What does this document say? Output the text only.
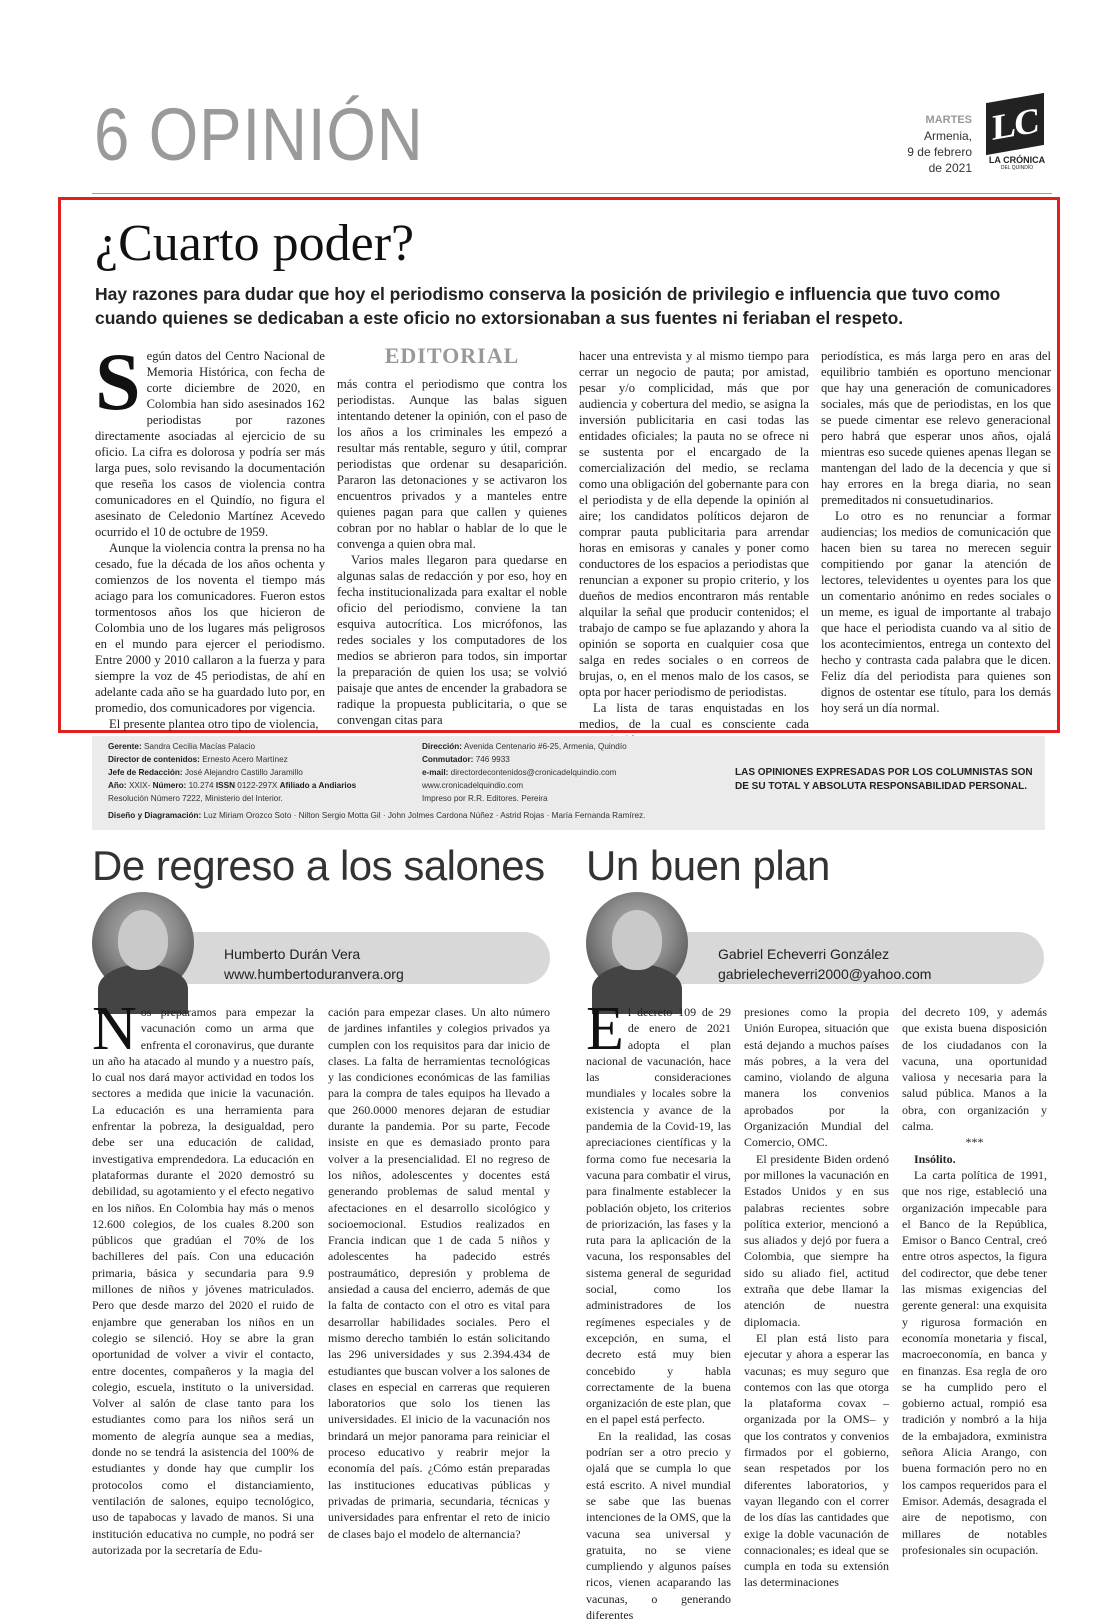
6 OPINIÓN	MARTES
Armenia,
9 de febrero
de 2021
LC
LA CRÓNICA
DEL QUINDÍO
¿Cuarto poder?
Hay razones para dudar que hoy el periodismo conserva la posición de privilegio e influencia que tuvo como cuando quienes se dedicaban a este oficio no extorsionaban a sus fuentes ni feriaban el respeto.

Según datos del Centro Nacional de Memoria Histórica, con fecha de corte diciembre de 2020, en Colombia han sido asesinados 162 periodistas por razones directamente asociadas al ejercicio de su oficio. La cifra es dolorosa y podría ser más larga pues, solo revisando la documentación que reseña los casos de violencia contra comunicadores en el Quindío, no figura el asesinato de Celedonio Martínez Acevedo ocurrido el 10 de octubre de 1959.

Aunque la violencia contra la prensa no ha cesado, fue la década de los años ochenta y comienzos de los noventa el tiempo más aciago para los comunicadores. Fueron estos tormentosos años los que hicieron de Colombia uno de los lugares más peligrosos en el mundo para ejercer el periodismo. Entre 2000 y 2010 callaron a la fuerza y para siempre la voz de 45 periodistas, de ahí en adelante cada año se ha guardado luto por, en promedio, dos comunicadores por vigencia.

El presente plantea otro tipo de violencia,

EDITORIAL

más contra el periodismo que contra los periodistas. Aunque las balas siguen intentando detener la opinión, con el paso de los años a los criminales les empezó a resultar más rentable, seguro y útil, comprar periodistas que ordenar su desaparición. Pararon las detonaciones y se activaron los encuentros privados y a manteles entre quienes pagan para que callen y quienes cobran por no hablar o hablar de lo que le convenga a quien obra mal.

Varios males llegaron para quedarse en algunas salas de redacción y por eso, hoy en fecha institucionalizada para exaltar el noble oficio del periodismo, conviene la tan esquiva autocrítica. Los micrófonos, las redes sociales y los computadores de los medios se abrieron para todos, sin importar la preparación de quien los usa; se volvió paisaje que antes de encender la grabadora se radique la propuesta publicitaria, o que se convengan citas para

hacer una entrevista y al mismo tiempo para cerrar un negocio de pauta; por amistad, pesar y/o complicidad, más que por audiencia y cobertura del medio, se asigna la inversión publicitaria en casi todas las entidades oficiales; la pauta no se ofrece ni se sustenta por el encargado de la comercialización del medio, se reclama como una obligación del gobernante para con el periodista y de ella depende la opinión al aire; los candidatos políticos dejaron de comprar pauta publicitaria para arrendar horas en emisoras y canales y poner como conductores de los espacios a periodistas que renuncian a exponer su propio criterio, y los dueños de medios encontraron más rentable alquilar la señal que producir contenidos; el trabajo de campo se fue aplazando y ahora la opinión se soporta en cualquier cosa que salga en redes sociales o en correos de brujas, o, en el menos malo de los casos, se opta por hacer periodismo de periodistas.

La lista de taras enquistadas en los medios, de la cual es consciente cada

periodística, es más larga pero en aras del equilibrio también es oportuno mencionar que hay una generación de comunicadores sociales, más que de periodistas, en los que se puede cimentar ese relevo generacional pero habrá que esperar unos años, ojalá mientras eso sucede quienes apenas llegan se mantengan del lado de la decencia y que si hay errores en la brega diaria, no sean premeditados ni consuetudinarios.

Lo otro es no renunciar a formar audiencias; los medios de comunicación que hacen bien su tarea no merecen seguir compitiendo por ganar la atención de lectores, televidentes u oyentes para los que un comentario anónimo en redes sociales o un meme, es igual de importante al trabajo que hace el periodista cuando va al sitio de los acontecimientos, entrega un contexto del hecho y contrasta cada palabra que le dicen. Feliz día del periodista para quienes son dignos de ostentar ese título, para los demás hoy será un día normal.

Gerente: Sandra Cecilia Macías Palacio
Director de contenidos: Ernesto Acero Martínez
Jefe de Redacción: José Alejandro Castillo Jaramillo
Año: XXIX- Número: 10.274 ISSN 0122-297X Afiliado a Andiarios
Resolución Número 7222, Ministerio del Interior.
Dirección: Avenida Centenario #6-25, Armenia, Quindío
Conmutador: 746 9933
e-mail: directordecontenidos@cronicadelquindio.com
www.cronicadelquindio.com
Impreso por R.R. Editores. Pereira
LAS OPINIONES EXPRESADAS POR LOS COLUMNISTAS SON DE SU TOTAL Y ABSOLUTA RESPONSABILIDAD PERSONAL.
Diseño y Diagramación: Luz Miriam Orozco Soto · Nilton Sergio Motta Gil · John Jolmes Cardona Núñez · Astrid Rojas · María Fernanda Ramírez.
De regreso a los salones
Humberto Durán Vera
www.humbertoduranvera.org

Nos preparamos para empezar la vacunación como un arma que enfrenta el coronavirus, que durante un año ha atacado al mundo y a nuestro país, lo cual nos dará mayor actividad en todos los sectores a medida que inicie la vacunación. La educación es una herramienta para enfrentar la pobreza, la desigualdad, pero debe ser una educación de calidad, investigativa emprendedora. La educación en plataformas durante el 2020 demostró su debilidad, su agotamiento y el efecto negativo en los niños. En Colombia hay más o menos 12.600 colegios, de los cuales 8.200 son públicos que gradúan el 70% de los bachilleres del país. Con una educación primaria, básica y secundaria para 9.9 millones de niños y jóvenes matriculados. Pero que desde marzo del 2020 el ruido de enjambre que generaban los niños en un colegio se silenció. Hoy se abre la gran oportunidad de volver a vivir el contacto, entre docentes, compañeros y la magia del colegio, escuela, instituto o la universidad. Volver al salón de clase tanto para los estudiantes como para los niños será un momento de alegría aunque sea a medias, donde no se tendrá la asistencia del 100% de estudiantes y donde hay que cumplir los protocolos como el distanciamiento, ventilación de salones, equipo tecnológico, uso de tapabocas y lavado de manos. Si una institución educativa no cumple, no podrá ser autorizada por la secretaría de Edu-

cación para empezar clases. Un alto número de jardines infantiles y colegios privados ya cumplen con los requisitos para dar inicio de clases. La falta de herramientas tecnológicas y las condiciones económicas de las familias para la compra de tales equipos ha llevado a que 260.0000 menores dejaran de estudiar durante la pandemia. Por su parte, Fecode insiste en que es demasiado pronto para volver a la presencialidad. El no regreso de los niños, adolescentes y docentes está generando problemas de salud mental y afectaciones en el desarrollo sicológico y socioemocional. Estudios realizados en Francia indican que 1 de cada 5 niños y adolescentes ha padecido estrés postraumático, depresión y problema de ansiedad a causa del encierro, además de que la falta de contacto con el otro es vital para desarrollar habilidades sociales. Pero el mismo derecho también lo están solicitando las 296 universidades y sus 2.394.434 de estudiantes que buscan volver a los salones de clases en especial en carreras que requieren laboratorios que solo los tienen las universidades. El inicio de la vacunación nos brindará un mejor panorama para reiniciar el proceso educativo y reabrir mejor la economía del país. ¿Cómo están preparadas las instituciones educativas públicas y privadas de primaria, secundaria, técnicas y universidades para enfrentar el reto de inicio de clases bajo el modelo de alternancia?

Un buen plan
Gabriel Echeverri González
gabrielecheverri2000@yahoo.com

El decreto 109 de 29 de enero de 2021 adopta el plan nacional de vacunación, hace las consideraciones mundiales y locales sobre la existencia y avance de la pandemia de la Covid-19, las apreciaciones científicas y la forma como fue necesaria la vacuna para combatir el virus, para finalmente establecer la población objeto, los criterios de priorización, las fases y la ruta para la aplicación de la vacuna, los responsables del sistema general de seguridad social, como los administradores de los regímenes especiales y de excepción, en suma, el decreto está muy bien concebido y habla correctamente de la buena organización de este plan, que en el papel está perfecto.

En la realidad, las cosas podrían ser a otro precio y ojalá que se cumpla lo que está escrito. A nivel mundial se sabe que las buenas intenciones de la OMS, que la vacuna sea universal y gratuita, no se viene cumpliendo y algunos países ricos, vienen acaparando las vacunas, o generando diferentes

presiones como la propia Unión Europea, situación que está dejando a muchos países más pobres, a la vera del camino, violando de alguna manera los convenios aprobados por la Organización Mundial del Comercio, OMC.

El presidente Biden ordenó por millones la vacunación en Estados Unidos y en sus palabras recientes sobre política exterior, mencionó a sus aliados y dejó por fuera a Colombia, que siempre ha sido su aliado fiel, actitud extraña que debe llamar la atención de nuestra diplomacia.

El plan está listo para ejecutar y ahora a esperar las vacunas; es muy seguro que contemos con las que otorga la plataforma covax –organizada por la OMS– y que los contratos y convenios firmados por el gobierno, sean respetados por los diferentes laboratorios, y vayan llegando con el correr de los días las cantidades que exige la doble vacunación de connacionales; es ideal que se cumpla en toda su extensión las determinaciones

del decreto 109, y además que exista buena disposición de los ciudadanos con la vacuna, una oportunidad valiosa y necesaria para la salud pública. Manos a la obra, con organización y calma.

***

Insólito.

La carta política de 1991, que nos rige, estableció una organización impecable para el Banco de la República, Emisor o Banco Central, creó entre otros aspectos, la figura del codirector, que debe tener las mismas exigencias del gerente general: una exquisita y rigurosa formación en economía monetaria y fiscal, macroeconomía, en banca y en finanzas. Esa regla de oro se ha cumplido pero el gobierno actual, rompió esa tradición y nombró a la hija de la embajadora, exministra señora Alicia Arango, con buena formación pero no en los campos requeridos para el Emisor. Además, desagrada el aire de nepotismo, con millares de notables profesionales sin ocupación.
